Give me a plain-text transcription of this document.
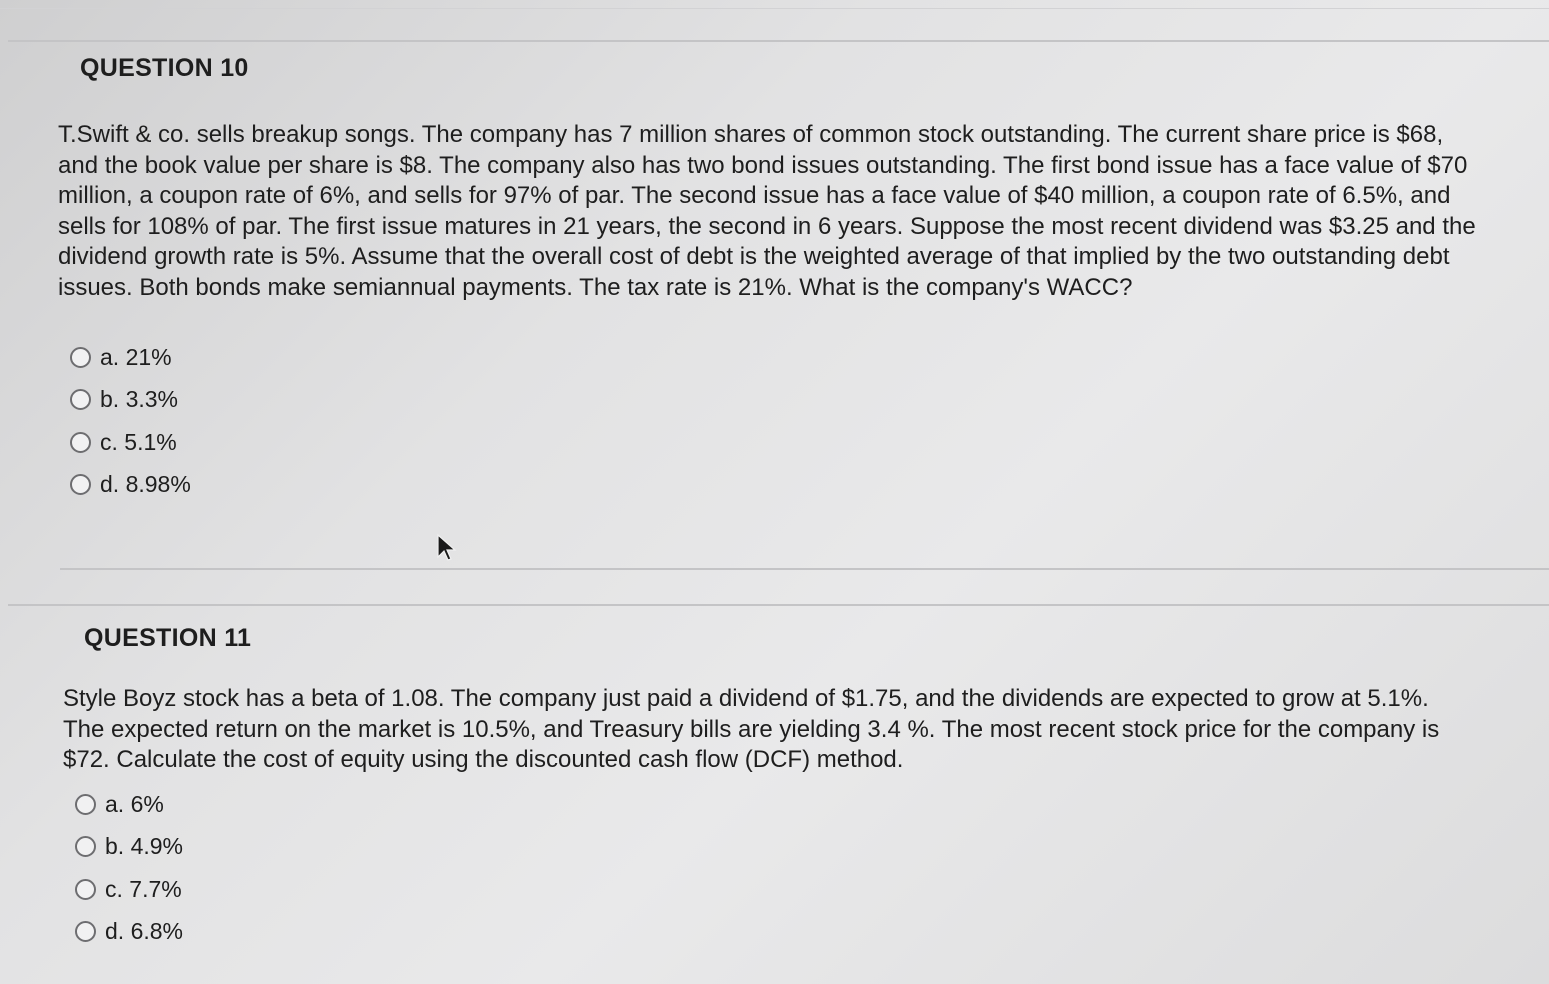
QUESTION 10

T.Swift & co. sells breakup songs. The company has 7 million shares of common stock outstanding. The current share price is $68, and the book value per share is $8. The company also has two bond issues outstanding. The first bond issue has a face value of $70 million, a coupon rate of 6%, and sells for 97% of par. The second issue has a face value of $40 million, a coupon rate of 6.5%, and sells for 108% of par. The first issue matures in 21 years, the second in 6 years. Suppose the most recent dividend was $3.25 and the dividend growth rate is 5%. Assume that the overall cost of debt is the weighted average of that implied by the two outstanding debt issues. Both bonds make semiannual payments. The tax rate is 21%. What is the company's WACC?

a. 21%
b. 3.3%
c. 5.1%
d. 8.98%
QUESTION 11

Style Boyz stock has a beta of 1.08. The company just paid a dividend of $1.75, and the dividends are expected to grow at 5.1%. The expected return on the market is 10.5%, and Treasury bills are yielding 3.4 %. The most recent stock price for the company is $72. Calculate the cost of equity using the discounted cash flow (DCF) method.

a. 6%
b. 4.9%
c. 7.7%
d. 6.8%
